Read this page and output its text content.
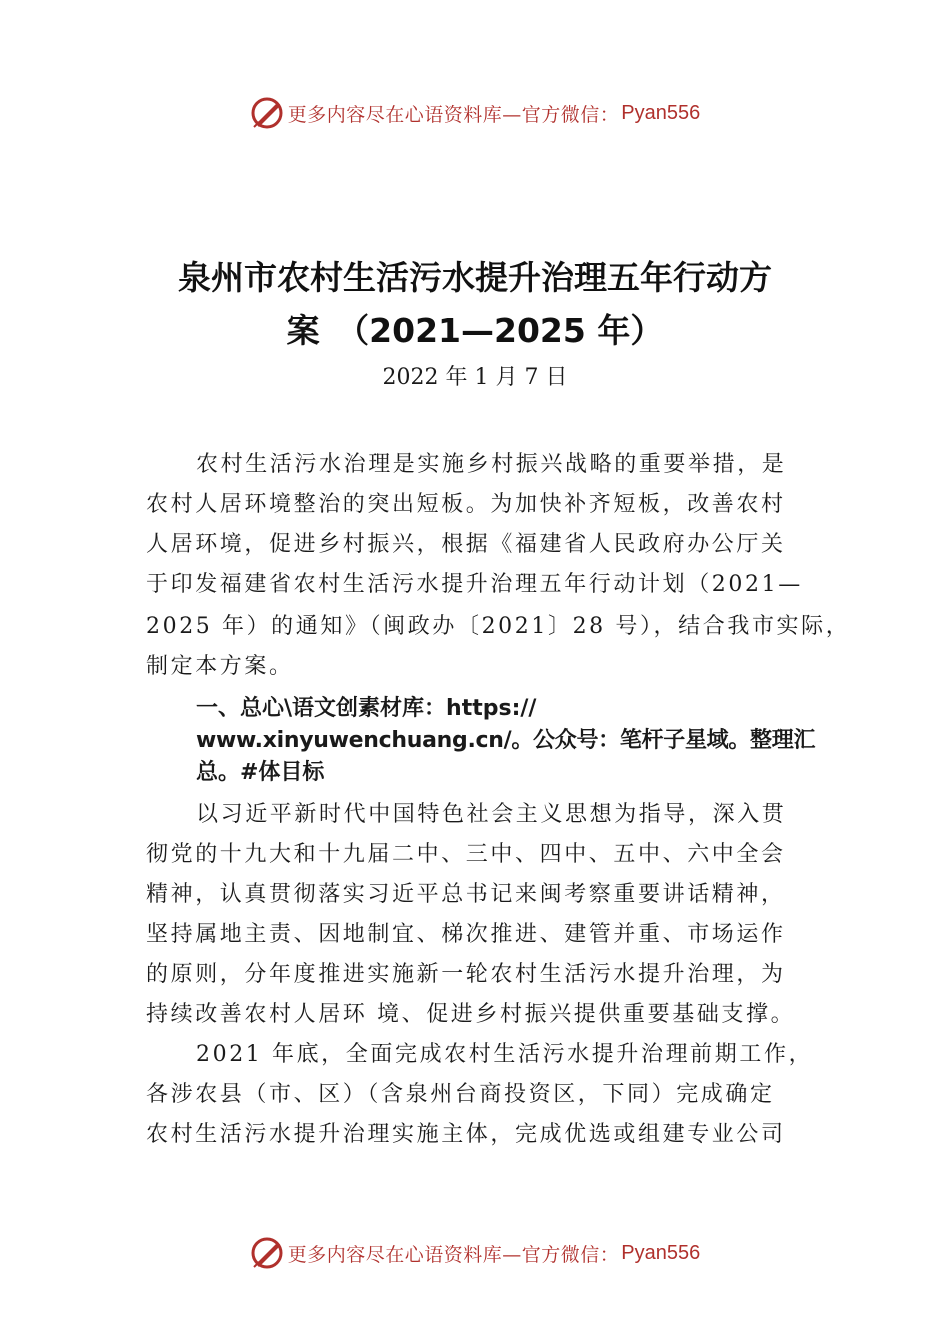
更多内容尽在心语资料库—官方微信： Pyan556
泉州市农村生活污水提升治理五年行动方
案　（2021—2025 年）
2022 年 1 月 7 日
农村生活污水治理是实施乡村振兴战略的重要举措，是
农村人居环境整治的突出短板。为加快补齐短板，改善农村
人居环境，促进乡村振兴，根据《福建省人民政府办公厅关
于印发福建省农村生活污水提升治理五年行动计划（2021—
2025 年）的通知》（闽政办〔2021〕28 号），结合我市实际，
制定本方案。
一、总心\语文创素材库：https://
www.xinyuwenchuang.cn/。公众号：笔杆子星域。整理汇
总。#体目标
以习近平新时代中国特色社会主义思想为指导，深入贯
彻党的十九大和十九届二中、三中、四中、五中、六中全会
精神，认真贯彻落实习近平总书记来闽考察重要讲话精神，
坚持属地主责、因地制宜、梯次推进、建管并重、市场运作
的原则，分年度推进实施新一轮农村生活污水提升治理，为
持续改善农村人居环 境、促进乡村振兴提供重要基础支撑。
2021 年底，全面完成农村生活污水提升治理前期工作，
各涉农县（市、区）（含泉州台商投资区，下同）完成确定
农村生活污水提升治理实施主体，完成优选或组建专业公司
更多内容尽在心语资料库—官方微信： Pyan556
